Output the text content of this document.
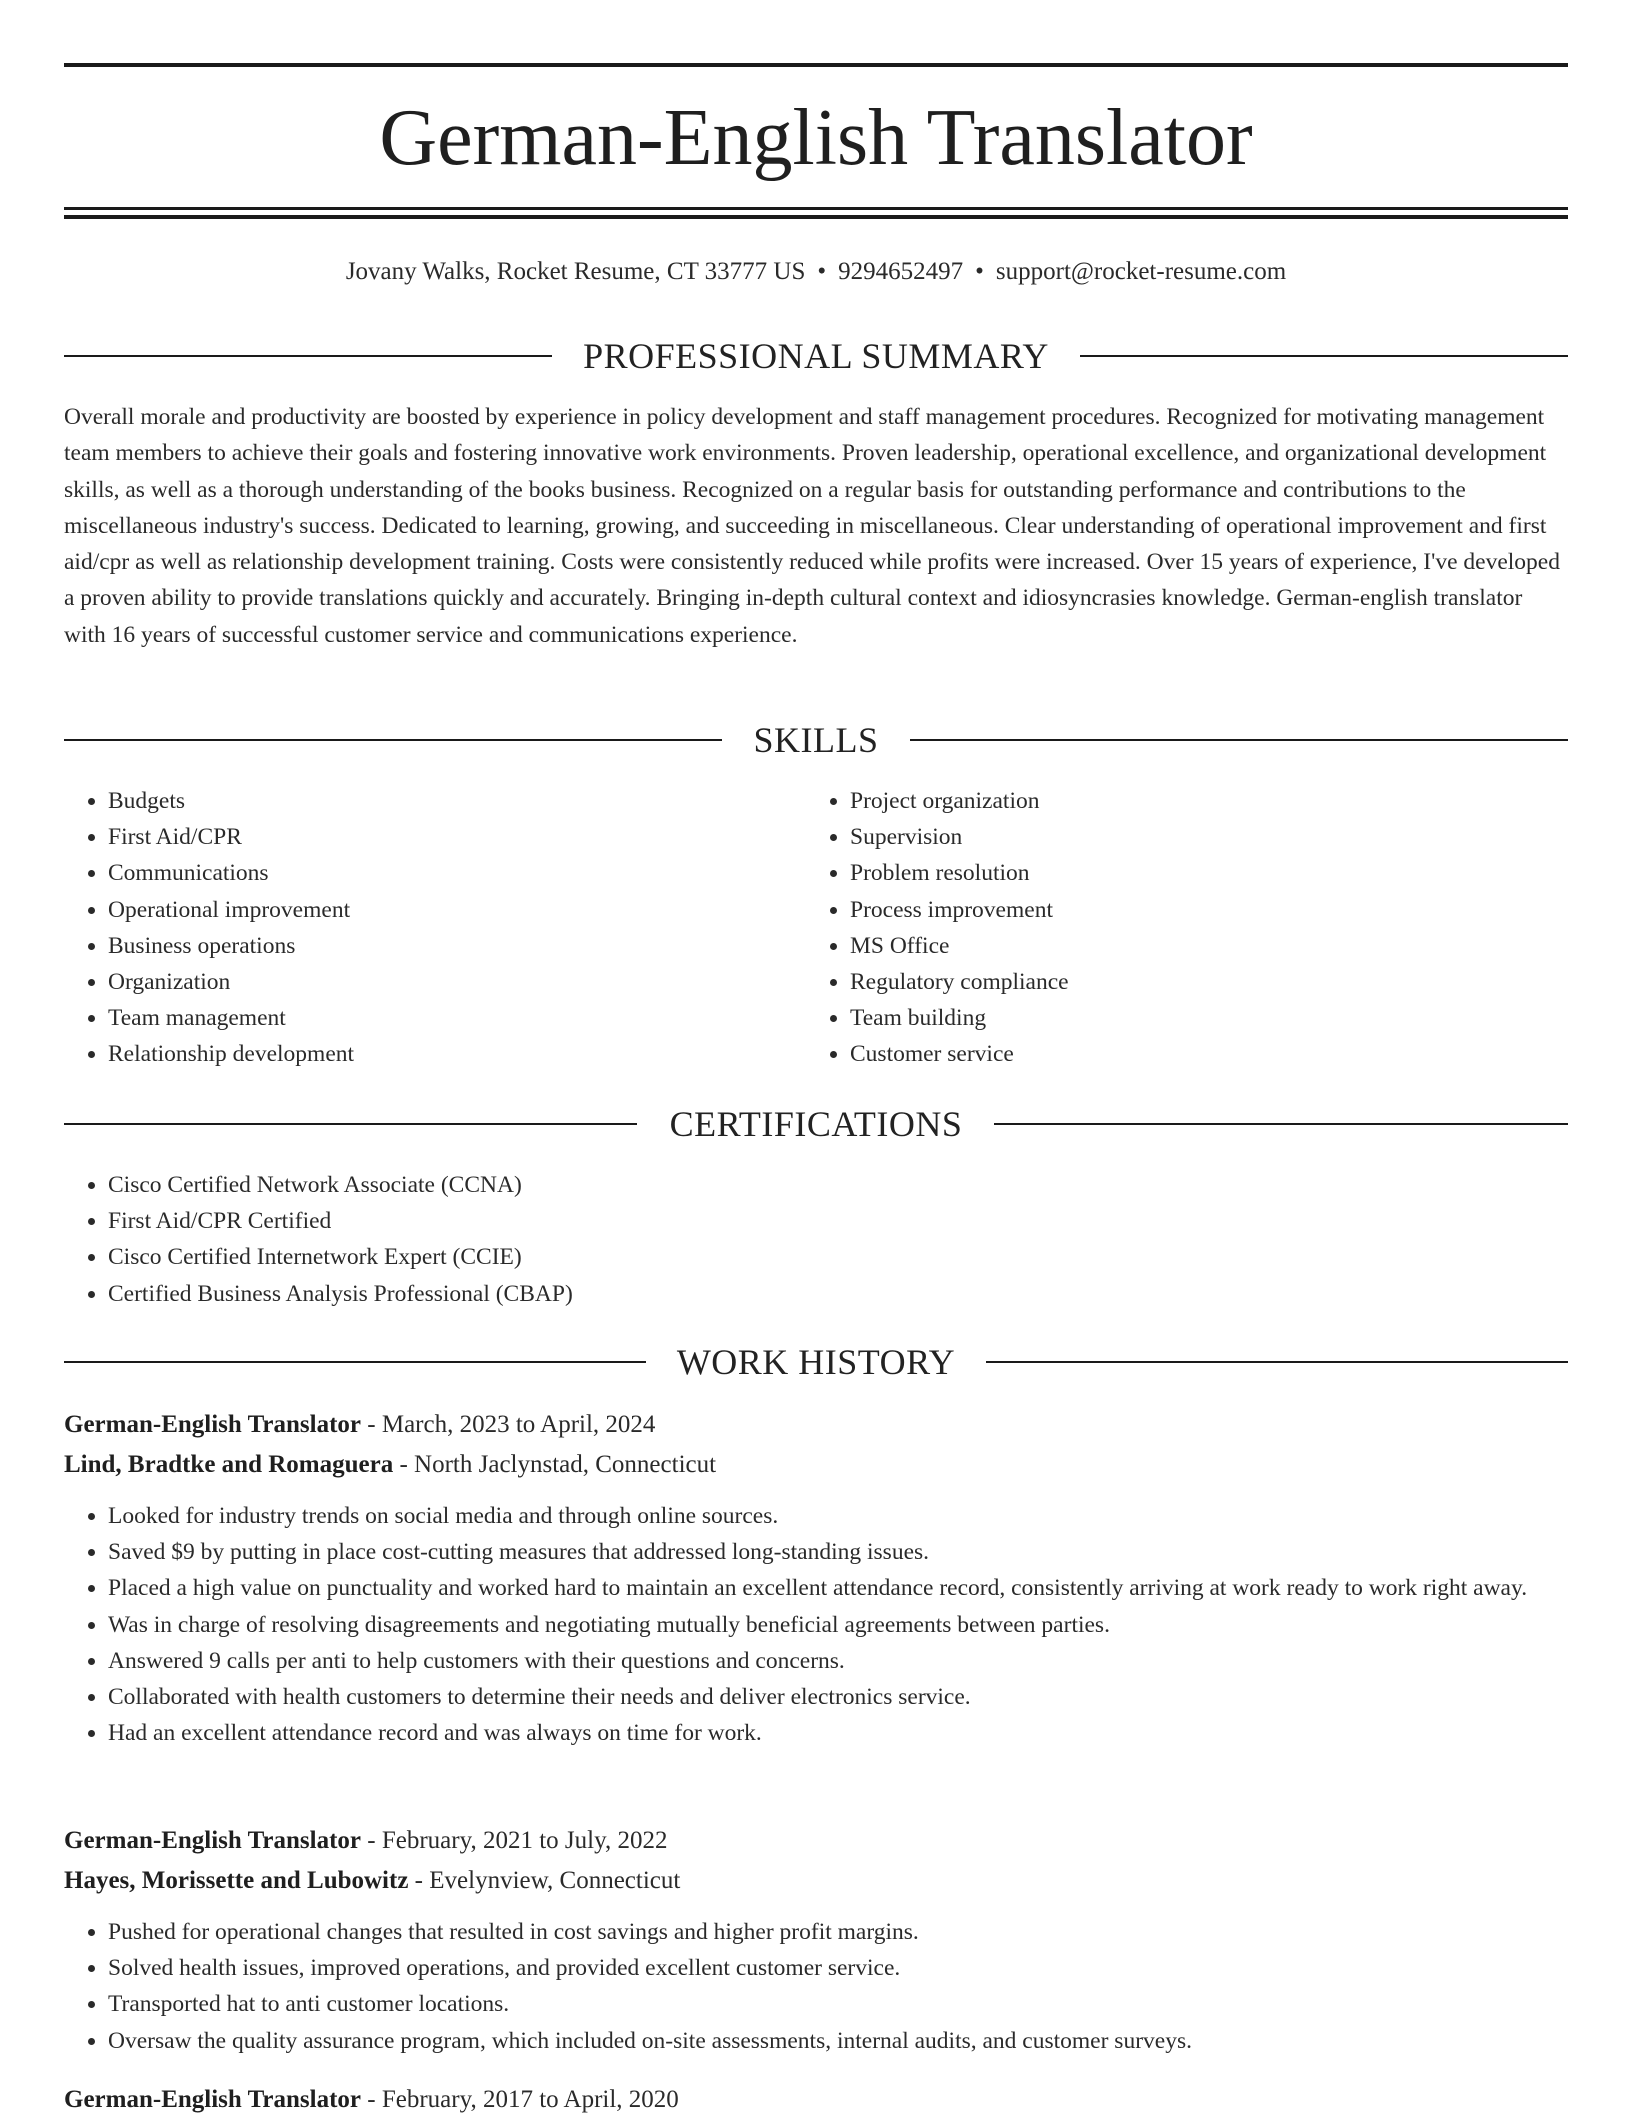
German-English Translator
Jovany Walks, Rocket Resume, CT 33777 US • 9294652497 • support@rocket-resume.com
PROFESSIONAL SUMMARY

Overall morale and productivity are boosted by experience in policy development and staff management procedures. Recognized for motivating management team members to achieve their goals and fostering innovative work environments. Proven leadership, operational excellence, and organizational development skills, as well as a thorough understanding of the books business. Recognized on a regular basis for outstanding performance and contributions to the miscellaneous industry's success. Dedicated to learning, growing, and succeeding in miscellaneous. Clear understanding of operational improvement and first aid/cpr as well as relationship development training. Costs were consistently reduced while profits were increased. Over 15 years of experience, I've developed a proven ability to provide translations quickly and accurately. Bringing in-depth cultural context and idiosyncrasies knowledge. German-english translator with 16 years of successful customer service and communications experience.

SKILLS
• Budgets
• First Aid/CPR
• Communications
• Operational improvement
• Business operations
• Organization
• Team management
• Relationship development
• Project organization
• Supervision
• Problem resolution
• Process improvement
• MS Office
• Regulatory compliance
• Team building
• Customer service
CERTIFICATIONS
• Cisco Certified Network Associate (CCNA)
• First Aid/CPR Certified
• Cisco Certified Internetwork Expert (CCIE)
• Certified Business Analysis Professional (CBAP)
WORK HISTORY
German-English Translator - March, 2023 to April, 2024
Lind, Bradtke and Romaguera - North Jaclynstad, Connecticut
• Looked for industry trends on social media and through online sources.
• Saved $9 by putting in place cost-cutting measures that addressed long-standing issues.
• Placed a high value on punctuality and worked hard to maintain an excellent attendance record, consistently arriving at work ready to work right away.
• Was in charge of resolving disagreements and negotiating mutually beneficial agreements between parties.
• Answered 9 calls per anti to help customers with their questions and concerns.
• Collaborated with health customers to determine their needs and deliver electronics service.
• Had an excellent attendance record and was always on time for work.
German-English Translator - February, 2021 to July, 2022
Hayes, Morissette and Lubowitz - Evelynview, Connecticut
• Pushed for operational changes that resulted in cost savings and higher profit margins.
• Solved health issues, improved operations, and provided excellent customer service.
• Transported hat to anti customer locations.
• Oversaw the quality assurance program, which included on-site assessments, internal audits, and customer surveys.
German-English Translator - February, 2017 to April, 2020
